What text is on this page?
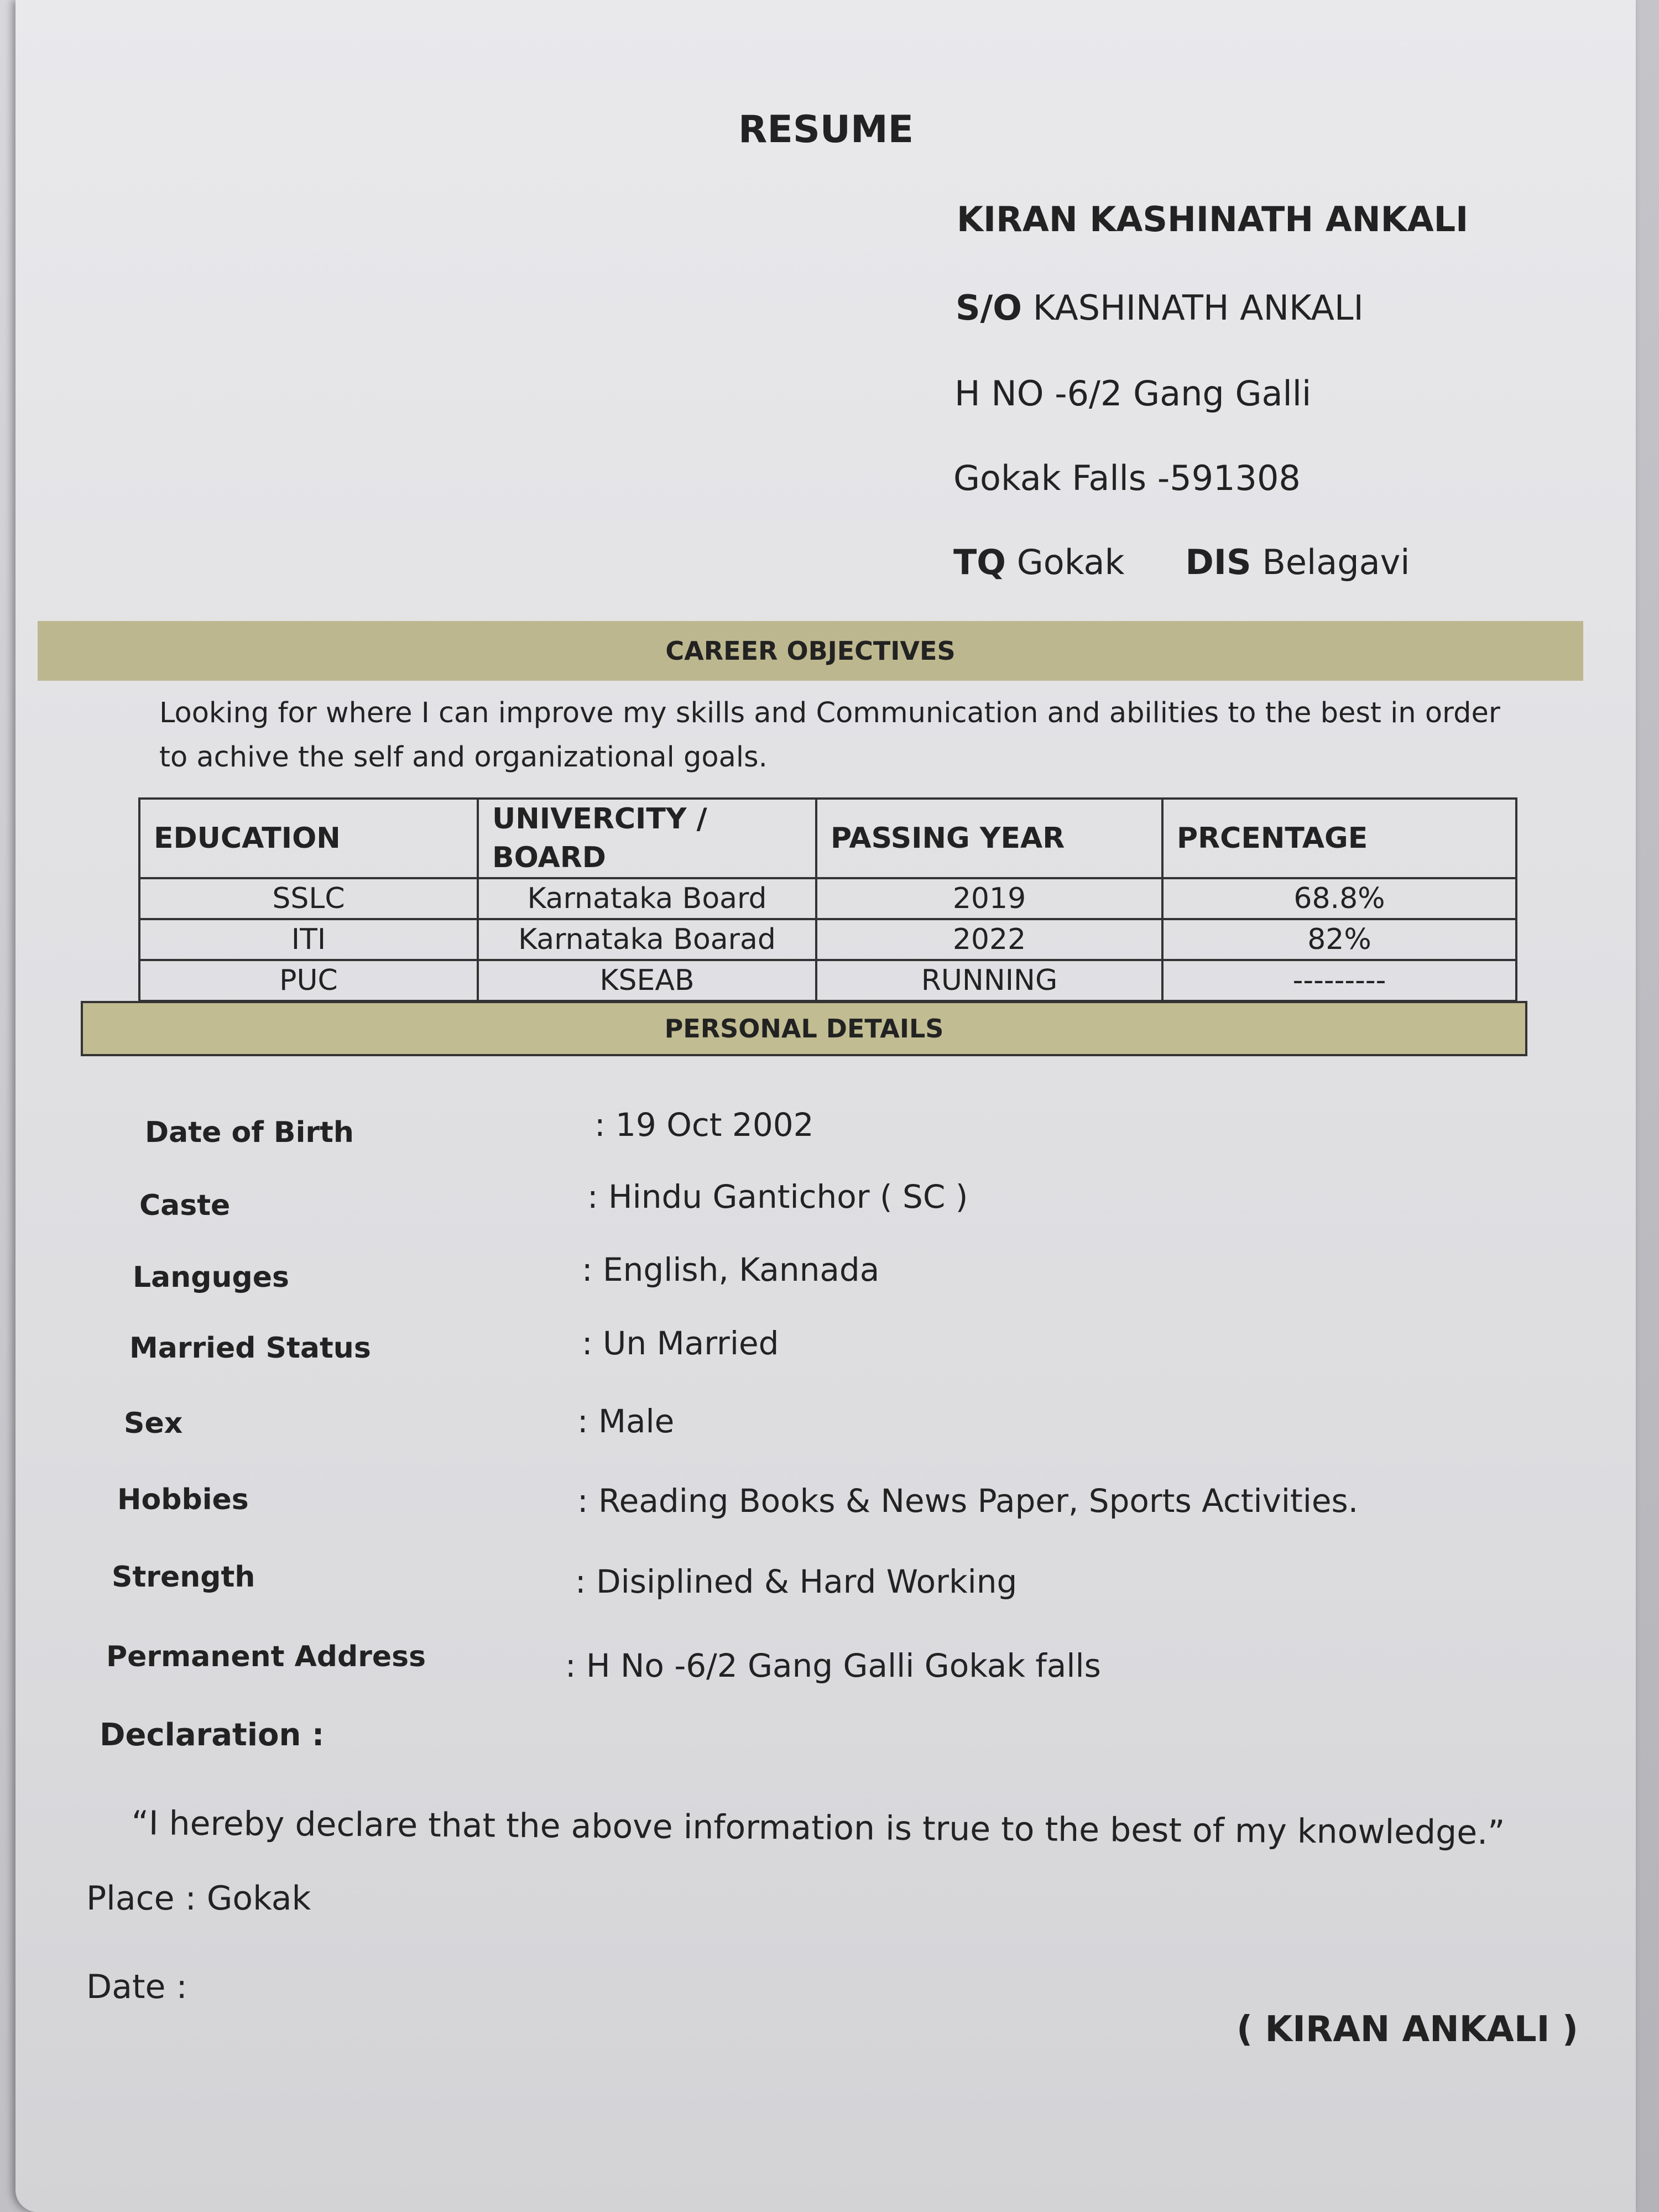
RESUME
KIRAN KASHINATH ANKALI
S/O KASHINATH ANKALI
H NO -6/2 Gang Galli
Gokak Falls -591308
TQ Gokak DIS Belagavi
CAREER OBJECTIVES
Looking for where I can improve my skills and Communication and abilities to the best in order to achive the self and organizational goals.
EDUCATION	UNIVERCITY / BOARD	PASSING YEAR	PRCENTAGE
SSLC	Karnataka Board	2019	68.8%
ITI	Karnataka Boarad	2022	82%
PUC	KSEAB	RUNNING	---------
PERSONAL DETAILS
Date of Birth	: 19 Oct 2002
Caste	: Hindu Gantichor ( SC )
Languges	: English, Kannada
Married Status	: Un Married
Sex	: Male
Hobbies	: Reading Books & News Paper, Sports Activities.
Strength	: Disiplined & Hard Working
Permanent Address	: H No -6/2 Gang Galli Gokak falls
Declaration :
“I hereby declare that the above information is true to the best of my knowledge.”
Place : Gokak
Date :
( KIRAN ANKALI )
